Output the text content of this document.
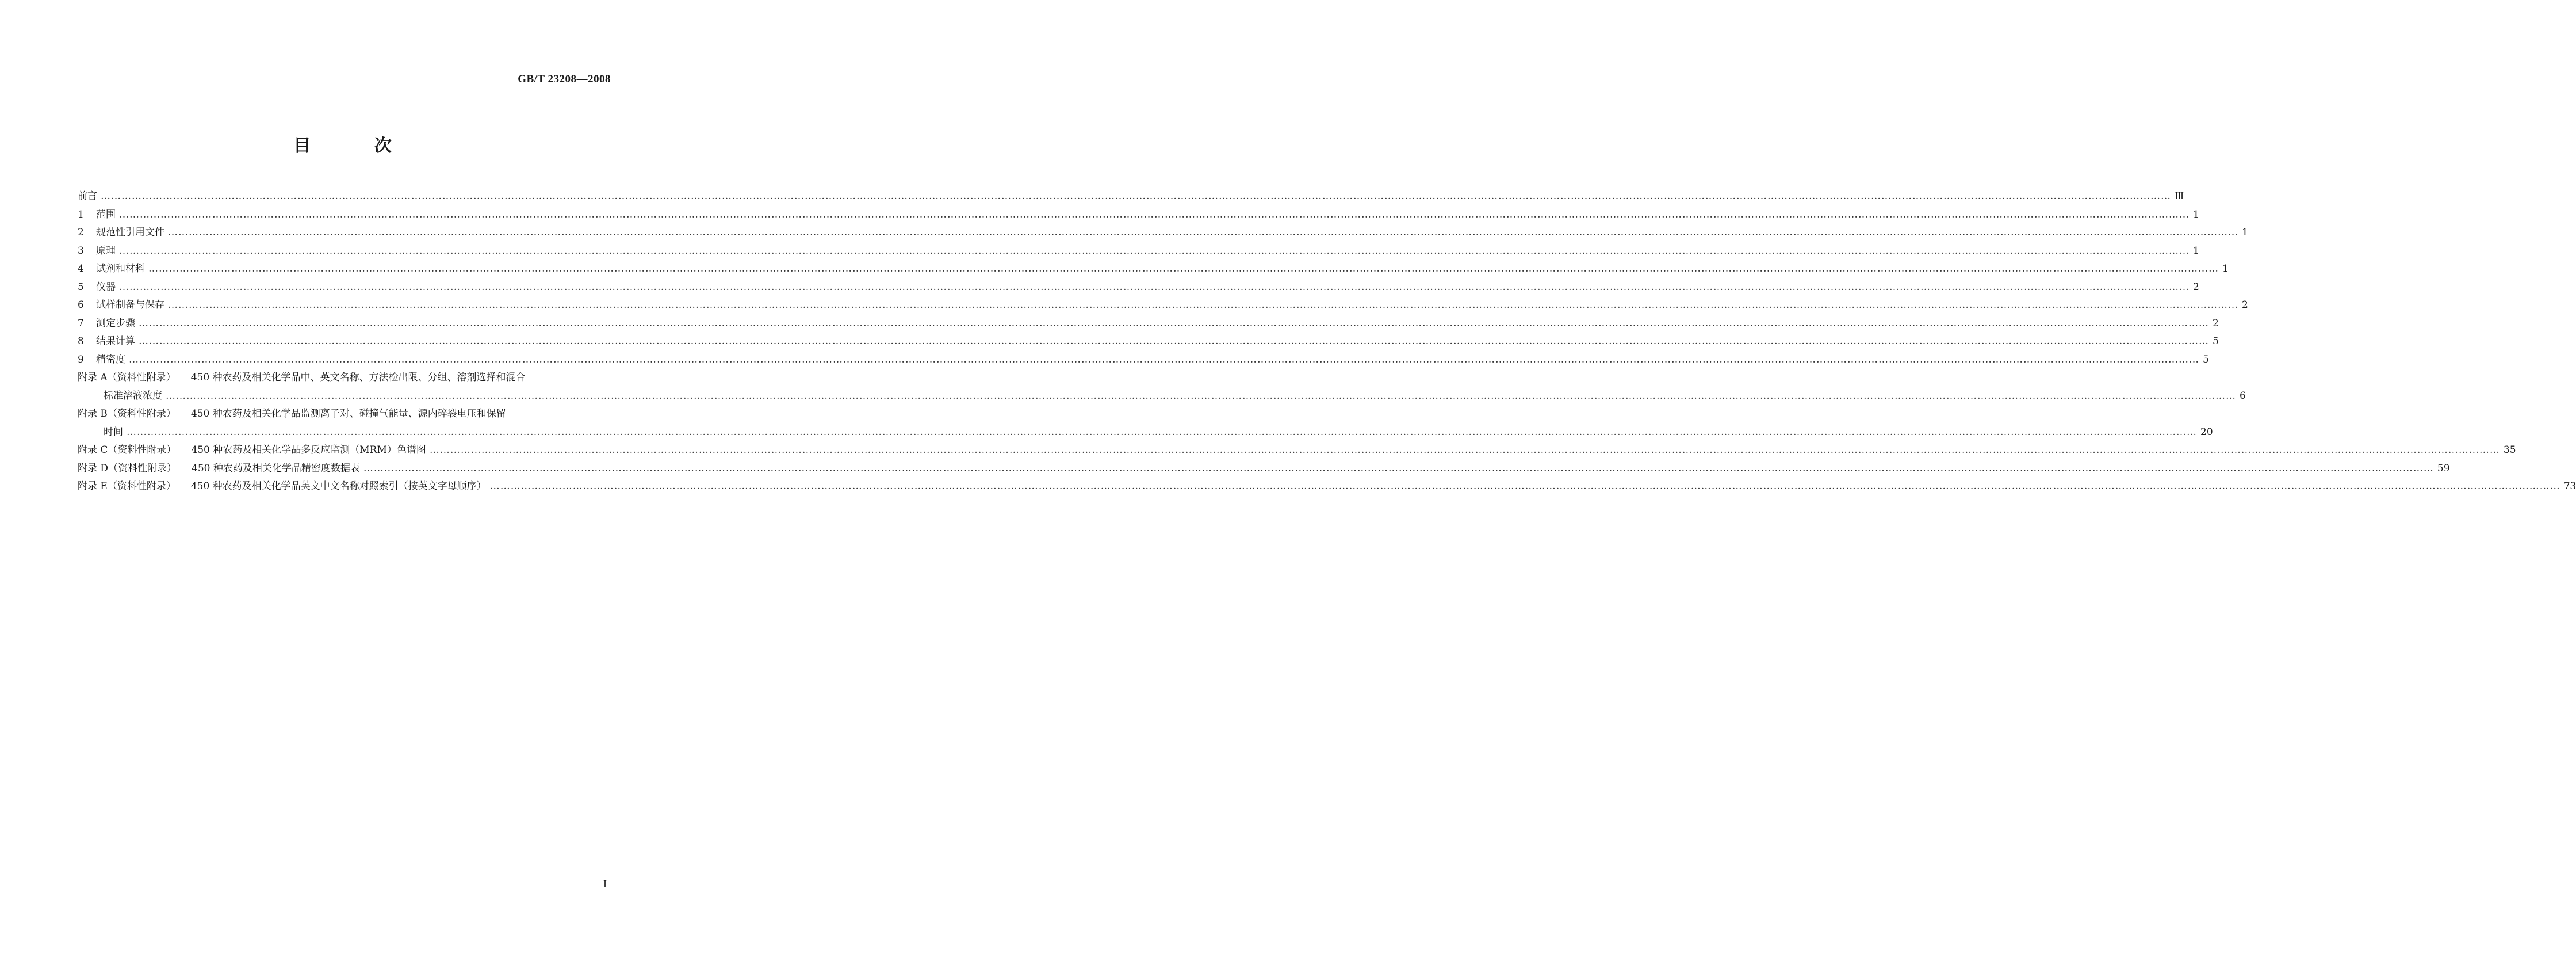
GB/T 23208—2008
目 次
前言 …………………………………………………………………………………………………………………………………………………………………………………………………………………………………………………………………………………………………………………………………………………………………………………………………………………………………………………………………………………………………………………………………………………… Ⅲ
1	范围 …………………………………………………………………………………………………………………………………………………………………………………………………………………………………………………………………………………………………………………………………………………………………………………………………………………………………………………………………………………………………………………………………………………… 1
2	规范性引用文件 …………………………………………………………………………………………………………………………………………………………………………………………………………………………………………………………………………………………………………………………………………………………………………………………………………………………………………………………………………………………………………………………………………………… 1
3	原理 …………………………………………………………………………………………………………………………………………………………………………………………………………………………………………………………………………………………………………………………………………………………………………………………………………………………………………………………………………………………………………………………………………………… 1
4	试剂和材料 …………………………………………………………………………………………………………………………………………………………………………………………………………………………………………………………………………………………………………………………………………………………………………………………………………………………………………………………………………………………………………………………………………………… 1
5	仪器 …………………………………………………………………………………………………………………………………………………………………………………………………………………………………………………………………………………………………………………………………………………………………………………………………………………………………………………………………………………………………………………………………………………… 2
6	试样制备与保存 …………………………………………………………………………………………………………………………………………………………………………………………………………………………………………………………………………………………………………………………………………………………………………………………………………………………………………………………………………………………………………………………………………………… 2
7	测定步骤 …………………………………………………………………………………………………………………………………………………………………………………………………………………………………………………………………………………………………………………………………………………………………………………………………………………………………………………………………………………………………………………………………………………… 2
8	结果计算 …………………………………………………………………………………………………………………………………………………………………………………………………………………………………………………………………………………………………………………………………………………………………………………………………………………………………………………………………………………………………………………………………………………… 5
9	精密度 …………………………………………………………………………………………………………………………………………………………………………………………………………………………………………………………………………………………………………………………………………………………………………………………………………………………………………………………………………………………………………………………………………………… 5
附录 A（资料性附录） 450 种农药及相关化学品中、英文名称、方法检出限、分组、溶剂选择和混合
标准溶液浓度 …………………………………………………………………………………………………………………………………………………………………………………………………………………………………………………………………………………………………………………………………………………………………………………………………………………………………………………………………………………………………………………………………………………… 6
附录 B（资料性附录） 450 种农药及相关化学品监测离子对、碰撞气能量、源内碎裂电压和保留
时间 …………………………………………………………………………………………………………………………………………………………………………………………………………………………………………………………………………………………………………………………………………………………………………………………………………………………………………………………………………………………………………………………………………………… 20
附录 C（资料性附录）	450 种农药及相关化学品多反应监测（MRM）色谱图 …………………………………………………………………………………………………………………………………………………………………………………………………………………………………………………………………………………………………………………………………………………………………………………………………………………………………………………………………………………………………………………………………………………… 35
附录 D（资料性附录）	450 种农药及相关化学品精密度数据表 …………………………………………………………………………………………………………………………………………………………………………………………………………………………………………………………………………………………………………………………………………………………………………………………………………………………………………………………………………………………………………………………………………………… 59
附录 E（资料性附录）	450 种农药及相关化学品英文中文名称对照索引（按英文字母顺序） …………………………………………………………………………………………………………………………………………………………………………………………………………………………………………………………………………………………………………………………………………………………………………………………………………………………………………………………………………………………………………………………………………………… 73
I
